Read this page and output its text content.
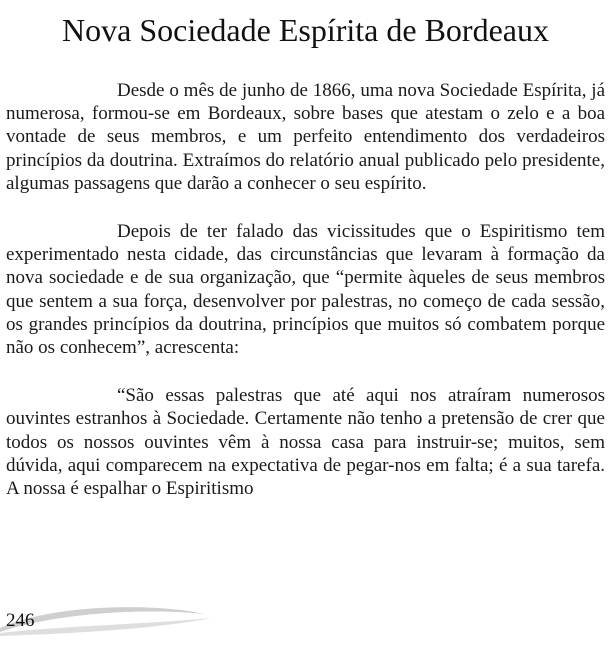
Nova Sociedade Espírita de Bordeaux

Desde o mês de junho de 1866, uma nova Sociedade Espírita, já numerosa, formou-se em Bordeaux, sobre bases que atestam o zelo e a boa vontade de seus membros, e um perfeito entendimento dos verdadeiros princípios da doutrina. Extraímos do relatório anual publicado pelo presidente, algumas passagens que darão a conhecer o seu espírito.

Depois de ter falado das vicissitudes que o Espiritismo tem experimentado nesta cidade, das circunstâncias que levaram à formação da nova sociedade e de sua organização, que “permite àqueles de seus membros que sentem a sua força, desenvolver por palestras, no começo de cada sessão, os grandes princípios da doutrina, princípios que muitos só combatem porque não os conhecem”, acrescenta:

“São essas palestras que até aqui nos atraíram numerosos ouvintes estranhos à Sociedade. Certamente não tenho a pretensão de crer que todos os nossos ouvintes vêm à nossa casa para instruir-se; muitos, sem dúvida, aqui comparecem na expectativa de pegar-nos em falta; é a sua tarefa. A nossa é espalhar o Espiritismo

246
